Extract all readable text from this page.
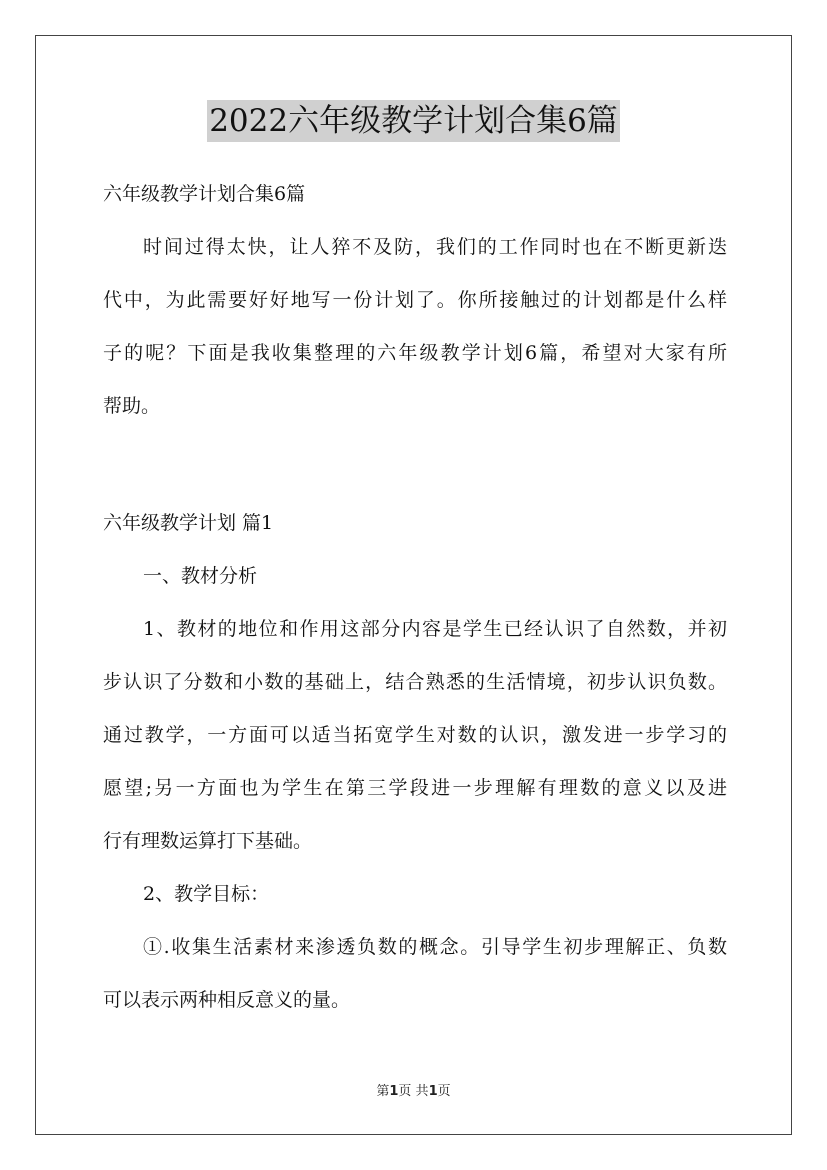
2022六年级教学计划合集6篇
六年级教学计划合集6篇
时间过得太快，让人猝不及防，我们的工作同时也在不断更新迭
代中，为此需要好好地写一份计划了。你所接触过的计划都是什么样
子的呢？下面是我收集整理的六年级教学计划6篇，希望对大家有所
帮助。
六年级教学计划 篇1
一、教材分析
1、教材的地位和作用这部分内容是学生已经认识了自然数，并初
步认识了分数和小数的基础上，结合熟悉的生活情境，初步认识负数。
通过教学，一方面可以适当拓宽学生对数的认识，激发进一步学习的
愿望;另一方面也为学生在第三学段进一步理解有理数的意义以及进
行有理数运算打下基础。
2、教学目标：
①.收集生活素材来渗透负数的概念。引导学生初步理解正、负数
可以表示两种相反意义的量。
第1页 共1页
